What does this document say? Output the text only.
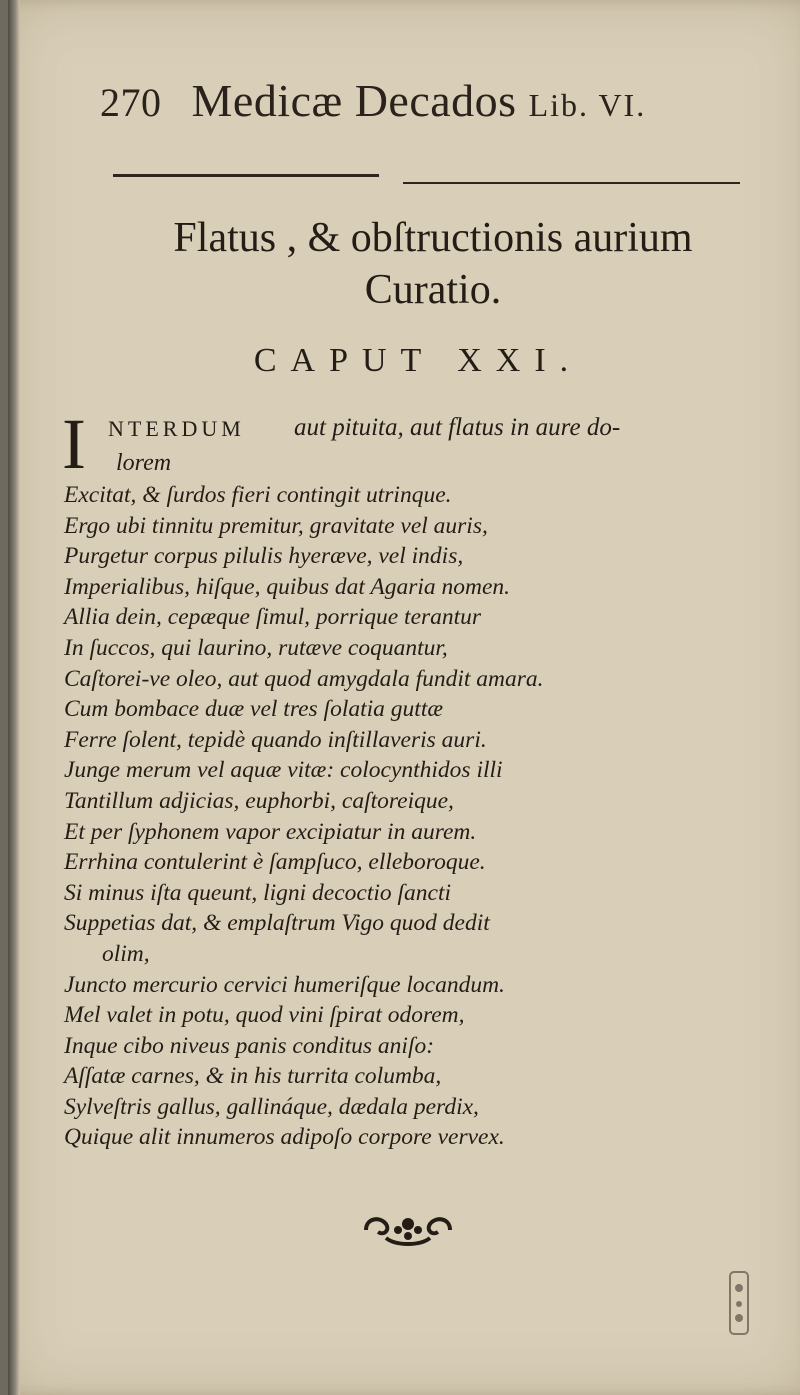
270 Medicæ Decados Lib. VI.
Flatus , & obſtructionis aurium
Curatio.
CAPUT XXI.
I NTERDUM aut pituita, aut flatus in aure do-
lorem
Excitat, & ſurdos fieri contingit utrinque.
Ergo ubi tinnitu premitur, gravitate vel auris,
Purgetur corpus pilulis hyeræve, vel indis,
Imperialibus, hiſque, quibus dat Agaria nomen.
Allia dein, cepæque ſimul, porrique terantur
In ſuccos, qui laurino, rutæve coquantur,
Caſtorei-ve oleo, aut quod amygdala fundit amara.
Cum bombace duæ vel tres ſolatia guttæ
Ferre ſolent, tepidè quando inſtillaveris auri.
Junge merum vel aquæ vitæ: colocynthidos illi
Tantillum adjicias, euphorbi, caſtoreique,
Et per ſyphonem vapor excipiatur in aurem.
Errhina contulerint è ſampſuco, elleboroque.
Si minus iſta queunt, ligni decoctio ſancti
Suppetias dat, & emplaſtrum Vigo quod dedit
olim,
Juncto mercurio cervici humeriſque locandum.
Mel valet in potu, quod vini ſpirat odorem,
Inque cibo niveus panis conditus aniſo:
Aſſatæ carnes, & in his turrita columba,
Sylveſtris gallus, gallináque, dædala perdix,
Quique alit innumeros adipoſo corpore vervex.
